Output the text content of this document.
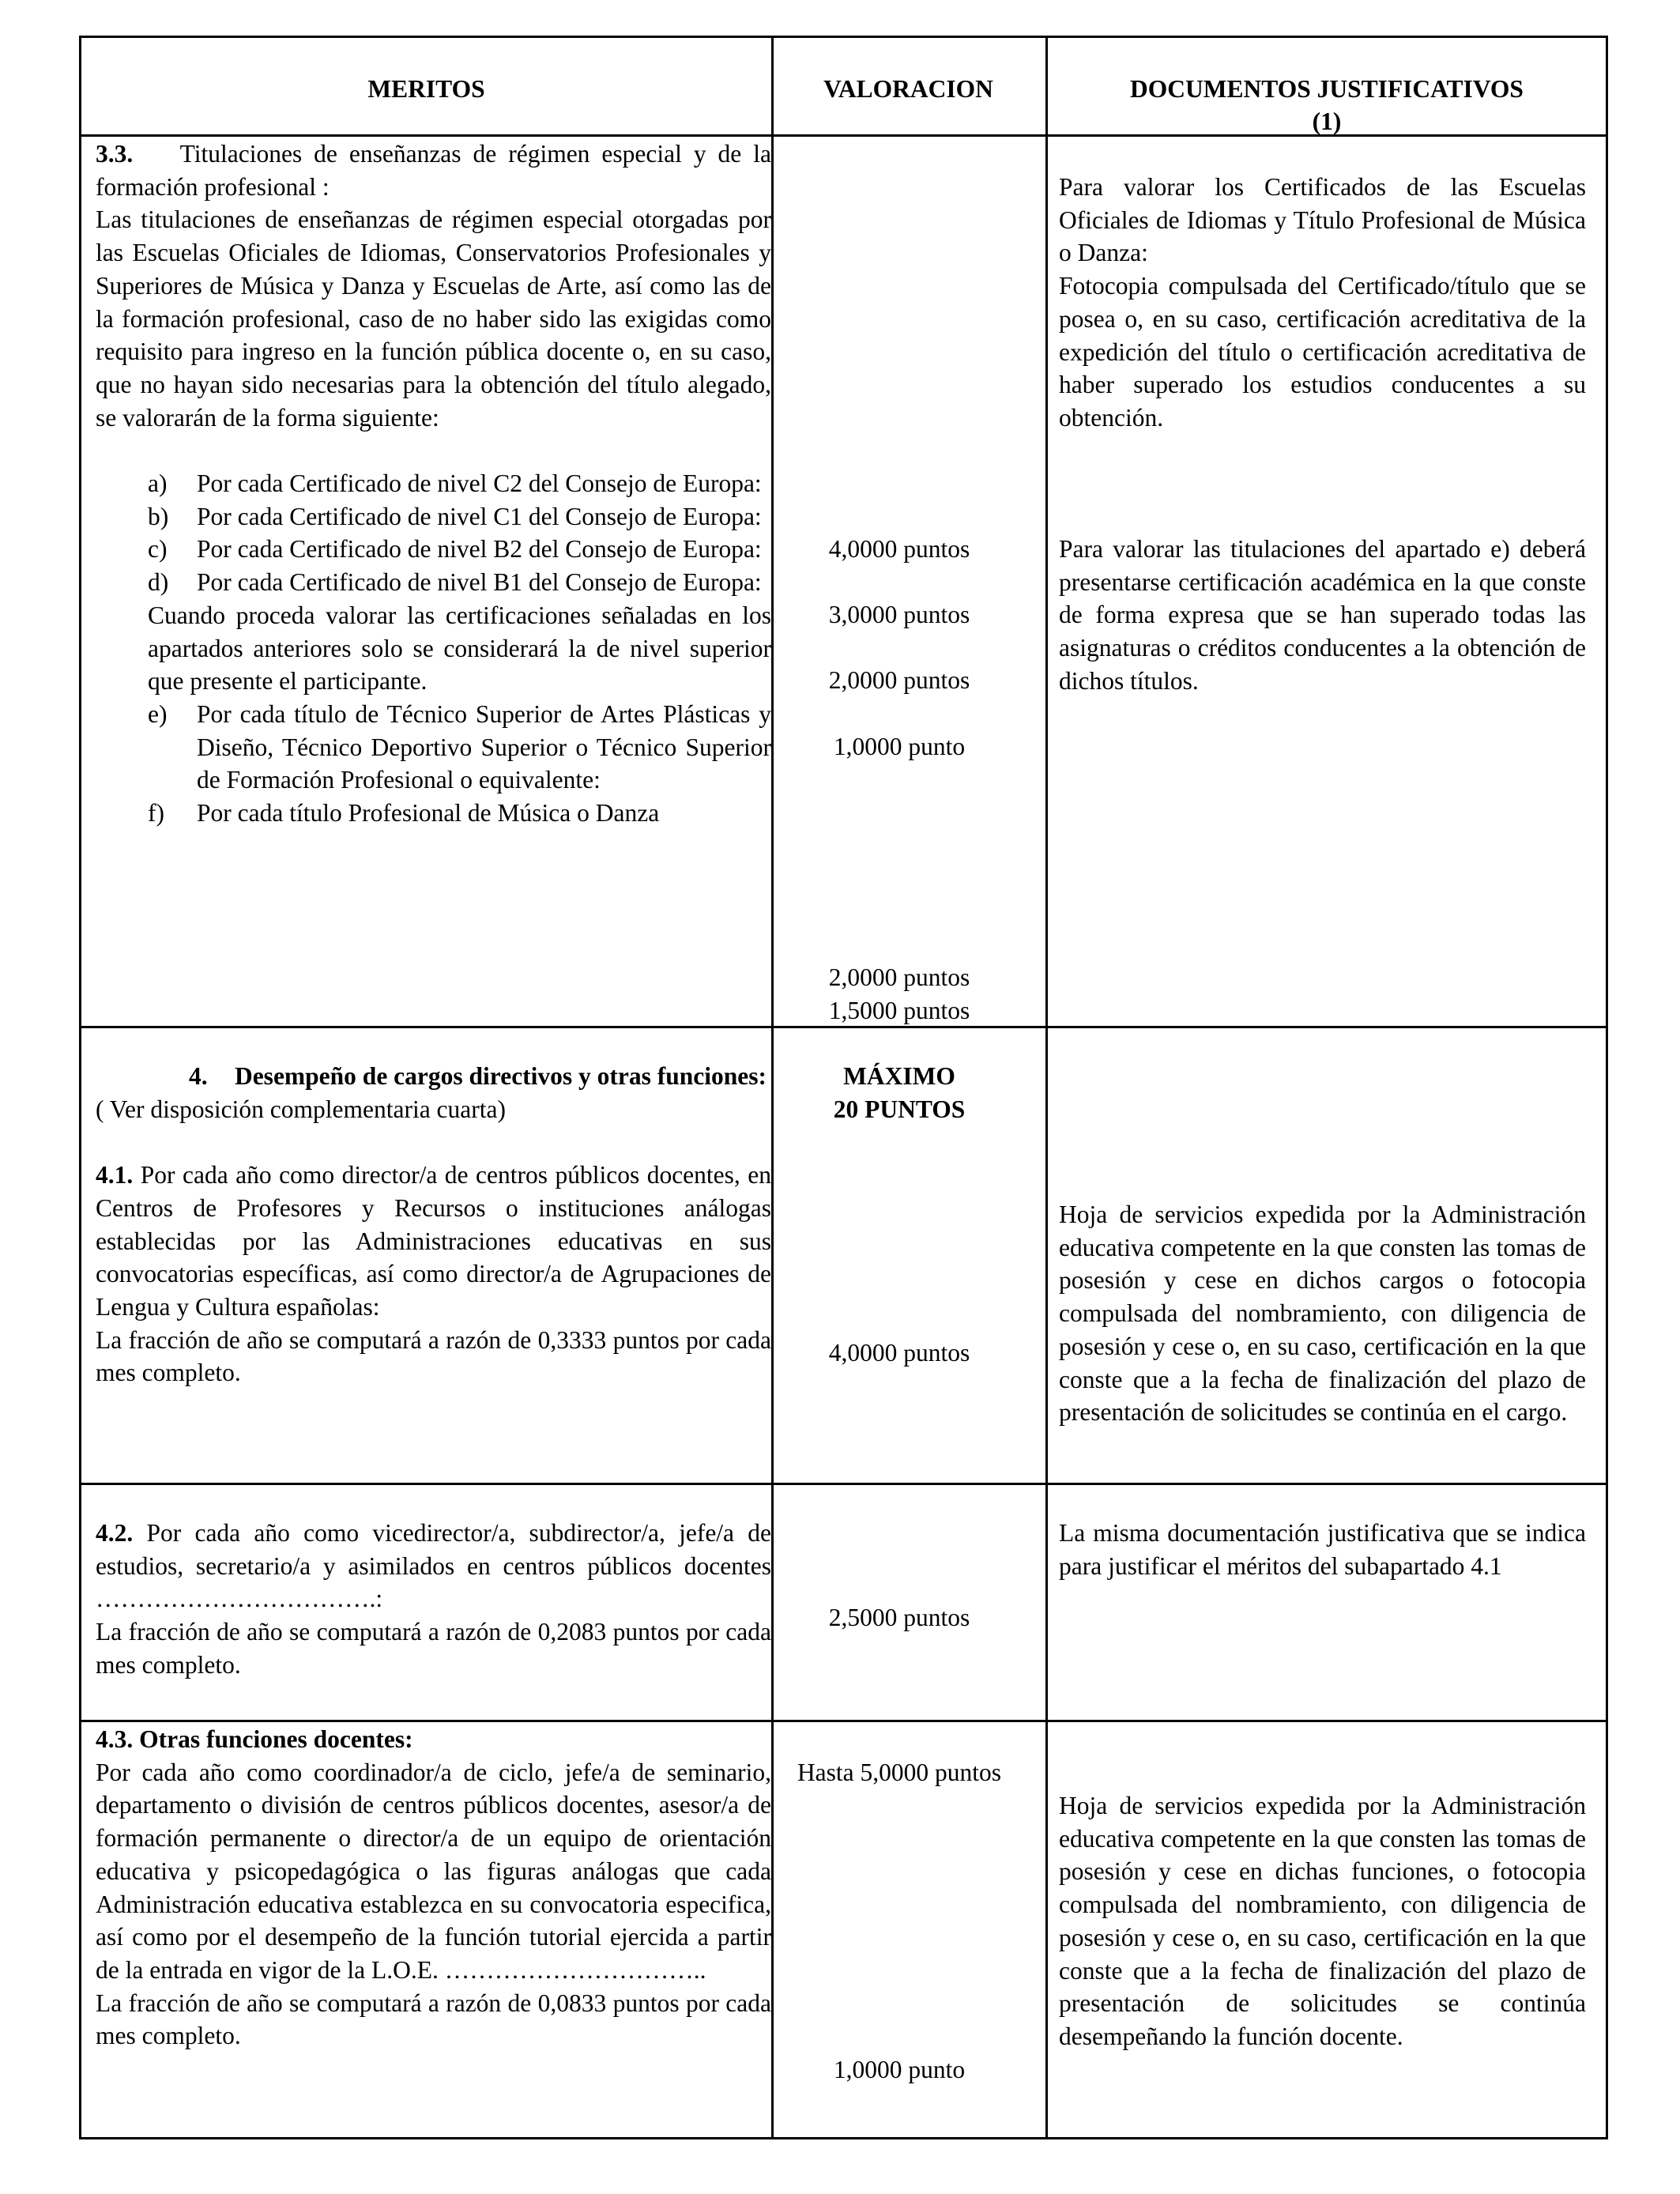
MERITOS	VALORACION	DOCUMENTOS JUSTIFICATIVOS
(1)

3.3. Titulaciones de enseñanzas de régimen especial y de la formación profesional :

Las titulaciones de enseñanzas de régimen especial otorgadas por las Escuelas Oficiales de Idiomas, Conservatorios Profesionales y Superiores de Música y Danza y Escuelas de Arte, así como las de la formación profesional, caso de no haber sido las exigidas como requisito para ingreso en la función pública docente o, en su caso, que no hayan sido necesarias para la obtención del título alegado, se valorarán de la forma siguiente:

a) Por cada Certificado de nivel C2 del Consejo de Europa:

b) Por cada Certificado de nivel C1 del Consejo de Europa:

c) Por cada Certificado de nivel B2 del Consejo de Europa:

d) Por cada Certificado de nivel B1 del Consejo de Europa:

Cuando proceda valorar las certificaciones señaladas en los apartados anteriores solo se considerará la de nivel superior que presente el participante.

e) Por cada título de Técnico Superior de Artes Plásticas y Diseño, Técnico Deportivo Superior o Técnico Superior de Formación Profesional o equivalente:

f) Por cada título Profesional de Música o Danza

4,0000 puntos
3,0000 puntos
2,0000 puntos
1,0000 punto
2,0000 puntos
1,5000 puntos

Para valorar los Certificados de las Escuelas Oficiales de Idiomas y Título Profesional de Música o Danza:

Fotocopia compulsada del Certificado/título que se posea o, en su caso, certificación acreditativa de la expedición del título o certificación acreditativa de haber superado los estudios conducentes a su obtención.

Para valorar las titulaciones del apartado e) deberá presentarse certificación académica en la que conste de forma expresa que se han superado todas las asignaturas o créditos conducentes a la obtención de dichos títulos.

4. Desempeño de cargos directivos y otras funciones:

( Ver disposición complementaria cuarta)

4.1. Por cada año como director/a de centros públicos docentes, en Centros de Profesores y Recursos o instituciones análogas establecidas por las Administraciones educativas en sus convocatorias específicas, así como director/a de Agrupaciones de Lengua y Cultura españolas:

La fracción de año se computará a razón de 0,3333 puntos por cada mes completo.

MÁXIMO
20 PUNTOS
4,0000 puntos

Hoja de servicios expedida por la Administración educativa competente en la que consten las tomas de posesión y cese en dichos cargos o fotocopia compulsada del nombramiento, con diligencia de posesión y cese o, en su caso, certificación en la que conste que a la fecha de finalización del plazo de presentación de solicitudes se continúa en el cargo.

4.2. Por cada año como vicedirector/a, subdirector/a, jefe/a de estudios, secretario/a y asimilados en centros públicos docentes …………………………….:

La fracción de año se computará a razón de 0,2083 puntos por cada mes completo.

2,5000 puntos

La misma documentación justificativa que se indica para justificar el méritos del subapartado 4.1

4.3. Otras funciones docentes:

Por cada año como coordinador/a de ciclo, jefe/a de seminario, departamento o división de centros públicos docentes, asesor/a de formación permanente o director/a de un equipo de orientación educativa y psicopedagógica o las figuras análogas que cada Administración educativa establezca en su convocatoria especifica, así como por el desempeño de la función tutorial ejercida a partir de la entrada en vigor de la L.O.E. …………………………..

La fracción de año se computará a razón de 0,0833 puntos por cada mes completo.

Hasta 5,0000 puntos
1,0000 punto

Hoja de servicios expedida por la Administración educativa competente en la que consten las tomas de posesión y cese en dichas funciones, o fotocopia compulsada del nombramiento, con diligencia de posesión y cese o, en su caso, certificación en la que conste que a la fecha de finalización del plazo de presentación de solicitudes se continúa desempeñando la función docente.
